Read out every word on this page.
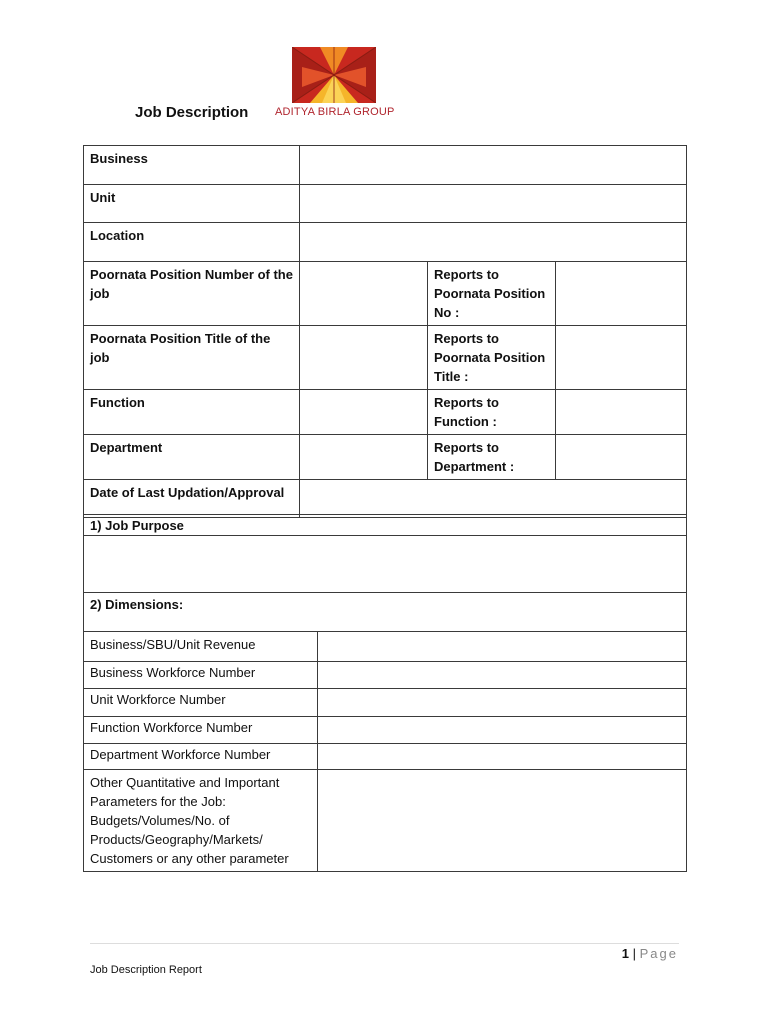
Job Description ADITYA BIRLA GROUP
Business			
Unit			
Location			
Poornata Position Number of the job		Reports to Poornata Position No :	
Poornata Position Title of the job		Reports to Poornata Position Title :	
Function		Reports to Function :	
Department		Reports to Department :	
Date of Last Updation/Approval			
1) Job Purpose	

2) Dimensions:	
Business/SBU/Unit Revenue	
Business Workforce Number	
Unit Workforce Number	
Function Workforce Number	
Department Workforce Number	
Other Quantitative and Important Parameters for the Job: Budgets/Volumes/No. of Products/Geography/Markets/ Customers or any other parameter	
1 | Page
Job Description Report
